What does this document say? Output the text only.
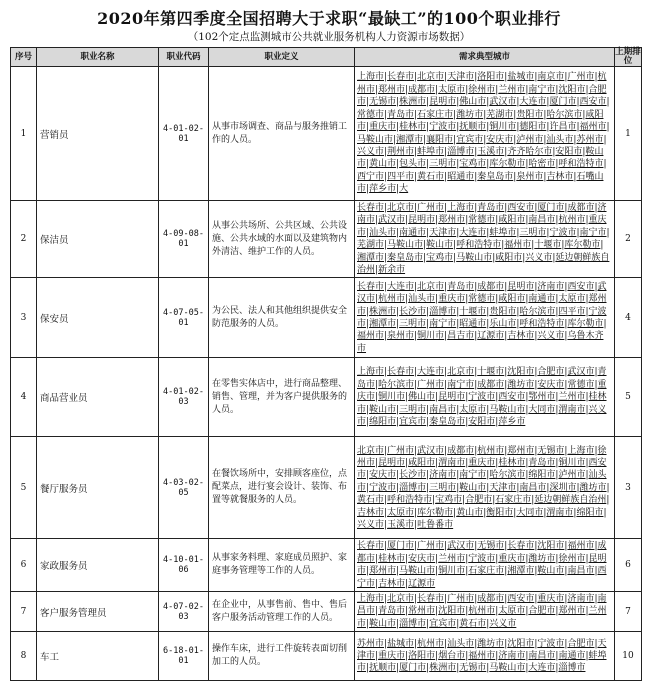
2020年第四季度全国招聘大于求职“最缺工”的100个职业排行
（102个定点监测城市公共就业服务机构人力资源市场数据）
序号	职业名称	职业代码	职业定义	需求典型城市	上期排位
1	营销员	4-01-02-01	从事市场调查、商品与服务推销工作的人员。	上海市|长春市|北京市|天津市|洛阳市|盐城市|南京市|广州市|杭州市|郑州市|成都市|太原市|徐州市|兰州市|南宁市|沈阳市|合肥市|无锡市|株洲市|昆明市|佛山市|武汉市|大连市|厦门市|西安市|常德市|青岛市|石家庄市|潍坊市|芜湖市|贵阳市|哈尔滨市|咸阳市|重庆市|桂林市|宁波市|抚顺市|铜川市|德阳市|许昌市|福州市|马鞍山市|湘潭市|襄阳市|宜宾市|安庆市|泸州市|汕头市|苏州市|兴义市|荆州市|蚌埠市|淄博市|玉溪市|齐齐哈尔市|安阳市|鞍山市|黄山市|包头市|三明市|宝鸡市|库尔勒市|哈密市|呼和浩特市|西宁市|四平市|黄石市|昭通市|秦皇岛市|泉州市|吉林市|石嘴山市|萍乡市|大	1
2	保洁员	4-09-08-01	从事公共场所、公共区域、公共设施、公共水域的水面以及建筑物内外清洁、维护工作的人员。	长春市|北京市|广州市|上海市|青岛市|西安市|厦门市|成都市|济南市|武汉市|昆明市|郑州市|常德市|咸阳市|南昌市|杭州市|重庆市|汕头市|南通市|天津市|大连市|蚌埠市|三明市|宁波市|南宁市|芜湖市|马鞍山市|鞍山市|呼和浩特市|福州市|十堰市|库尔勒市|湘潭市|秦皇岛市|宝鸡市|马鞍山市|咸阳市|兴义市|延边朝鲜族自治州|新余市	2
3	保安员	4-07-05-01	为公民、法人和其他组织提供安全防范服务的人员。	长春市|大连市|北京市|青岛市|成都市|昆明市|济南市|西安市|武汉市|杭州市|汕头市|重庆市|常德市|咸阳市|南通市|太原市|郑州市|株洲市|长沙市|淄博市|十堰市|贵阳市|哈尔滨市|四平市|宁波市|湘潭市|三明市|南宁市|昭通市|乐山市|呼和浩特市|库尔勒市|福州市|泉州市|铜川市|昌吉市|辽源市|吉林市|兴义市|乌鲁木齐市	4
4	商品营业员	4-01-02-03	在零售实体店中，进行商品整理、销售、管理，并为客户提供服务的人员。	上海市|长春市|大连市|北京市|十堰市|沈阳市|合肥市|武汉市|青岛市|哈尔滨市|广州市|南宁市|成都市|潍坊市|安庆市|常德市|重庆市|铜川市|佛山市|昆明市|宁波市|西安市|鄂州市|兰州市|桂林市|鞍山市|三明市|南昌市|太原市|马鞍山市|大同市|渭南市|兴义市|绵阳市|宜宾市|秦皇岛市|安阳市|萍乡市	5
5	餐厅服务员	4-03-02-05	在餐饮场所中，安排顾客座位，点配菜点，进行宴会设计、装饰、布置等就餐服务的人员。	北京市|广州市|武汉市|成都市|杭州市|郑州市|无锡市|上海市|徐州市|昆明市|咸阳市|渭南市|重庆市|桂林市|青岛市|铜川市|西安市|安庆市|长沙市|济南市|南宁市|哈尔滨市|绵阳市|泸州市|汕头市|宁波市|淄博市|三明市|鞍山市|天津市|南昌市|深圳市|潍坊市|黄石市|呼和浩特市|宝鸡市|合肥市|石家庄市|延边朝鲜族自治州|吉林市|太原市|库尔勒市|黄山市|衡阳市|大同市|渭南市|绵阳市|兴义市|玉溪市|吐鲁番市	3
6	家政服务员	4-10-01-06	从事家务料理、家庭成员照护、家庭事务管理等工作的人员。	长春市|厦门市|广州市|武汉市|无锡市|长春市|沈阳市|福州市|成都市|桂林市|安庆市|兰州市|宁波市|重庆市|潍坊市|徐州市|昆明市|郑州市|马鞍山市|铜川市|石家庄市|湘潭市|鞍山市|南昌市|西宁市|吉林市|辽源市	6
7	客户服务管理员	4-07-02-03	在企业中，从事售前、售中、售后客户服务活动管理工作的人员。	上海市|北京市|长春市|广州市|成都市|西安市|重庆市|济南市|南昌市|青岛市|常州市|沈阳市|杭州市|太原市|合肥市|郑州市|兰州市|鞍山市|淄博市|宜宾市|黄石市|兴义市	7
8	车工	6-18-01-01	操作车床，进行工件旋转表面切削加工的人员。	苏州市|盐城市|杭州市|汕头市|潍坊市|沈阳市|宁波市|合肥市|天津市|重庆市|洛阳市|烟台市|福州市|济南市|南昌市|南通市|蚌埠市|抚顺市|厦门市|株洲市|无锡市|马鞍山市|大连市|淄博市	10
